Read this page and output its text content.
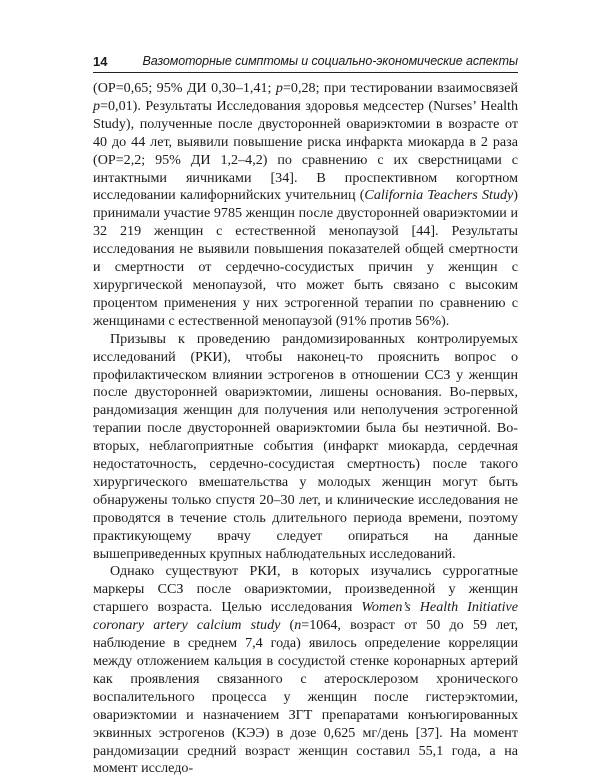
14	Вазомоторные симптомы и социально-экономические аспекты

(ОР=0,65; 95% ДИ 0,30–1,41; p=0,28; при тестировании взаимосвязей p=0,01). Результаты Исследования здоровья медсестер (Nurses’ Health Study), полученные после двусторонней овариэктомии в возрасте от 40 до 44 лет, выявили повышение риска инфаркта миокарда в 2 раза (ОР=2,2; 95% ДИ 1,2–4,2) по сравнению с их сверстницами с интактными яичниками [34]. В проспективном когортном исследовании калифорнийских учительниц (California Teachers Study) принимали участие 9785 женщин после двусторонней овариэктомии и 32 219 женщин с естественной менопаузой [44]. Результаты исследования не выявили повышения показателей общей смертности и смертности от сердечно-сосудистых причин у женщин с хирургической менопаузой, что может быть связано с высоким процентом применения у них эстрогенной терапии по сравнению с женщинами с естественной менопаузой (91% против 56%).

Призывы к проведению рандомизированных контролируемых исследований (РКИ), чтобы наконец-то прояснить вопрос о профилактическом влиянии эстрогенов в отношении ССЗ у женщин после двусторонней овариэктомии, лишены основания. Во-первых, рандомизация женщин для получения или неполучения эстрогенной терапии после двусторонней овариэктомии была бы неэтичной. Во-вторых, неблагоприятные события (инфаркт миокарда, сердечная недостаточность, сердечно-сосудистая смертность) после такого хирургического вмешательства у молодых женщин могут быть обнаружены только спустя 20–30 лет, и клинические исследования не проводятся в течение столь длительного периода времени, поэтому практикующему врачу следует опираться на данные вышеприведенных крупных наблюдательных исследований.

Однако существуют РКИ, в которых изучались суррогатные маркеры ССЗ после овариэктомии, произведенной у женщин старшего возраста. Целью исследования Women’s Health Initiative coronary artery calcium study (n=1064, возраст от 50 до 59 лет, наблюдение в среднем 7,4 года) явилось определение корреляции между отложением кальция в сосудистой стенке коронарных артерий как проявления связанного с атеросклерозом хронического воспалительного процесса у женщин после гистерэктомии, овариэктомии и назначением ЗГТ препаратами конъюгированных эквинных эстрогенов (КЭЭ) в дозе 0,625 мг/день [37]. На момент рандомизации средний возраст женщин составил 55,1 года, а на момент исследо-
